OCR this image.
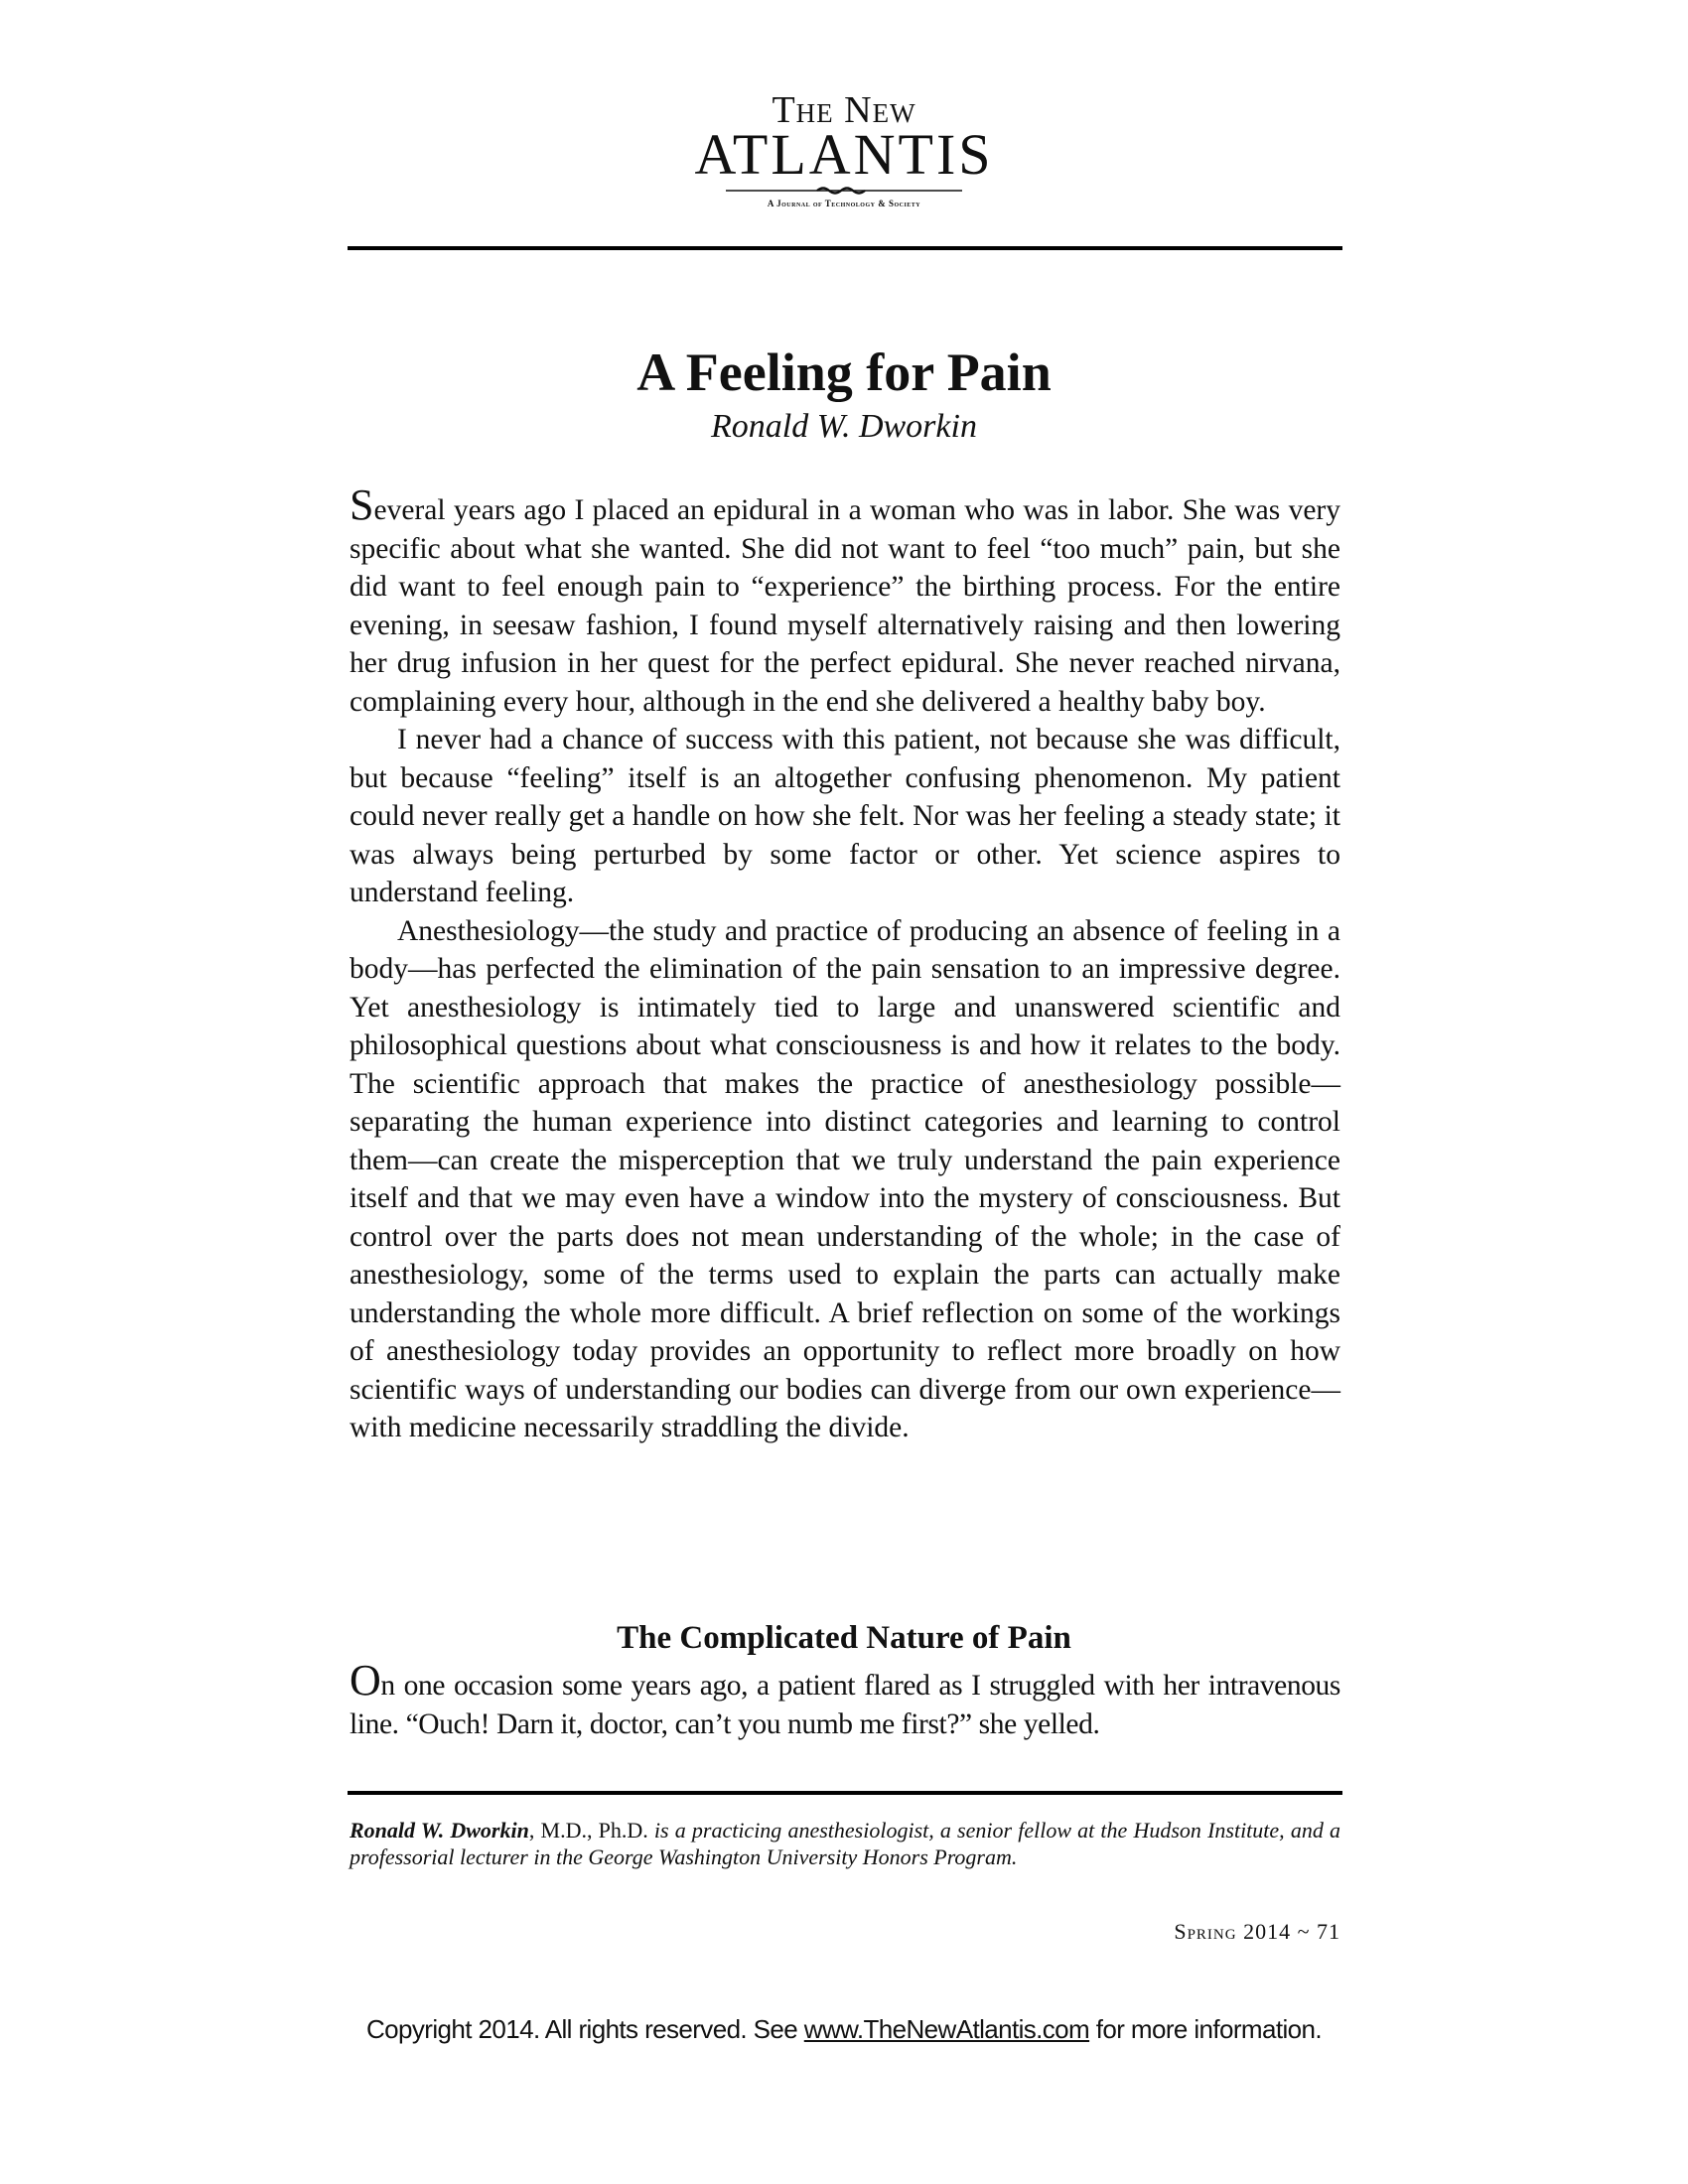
The New
ATLANTIS
A Journal of Technology & Society
A Feeling for Pain
Ronald W. Dworkin

Several years ago I placed an epidural in a woman who was in labor. She was very specific about what she wanted. She did not want to feel “too much” pain, but she did want to feel enough pain to “experience” the birthing process. For the entire evening, in seesaw fashion, I found myself alternatively raising and then lowering her drug infusion in her quest for the perfect epidural. She never reached nirvana, complaining every hour, although in the end she delivered a healthy baby boy.

I never had a chance of success with this patient, not because she was difficult, but because “feeling” itself is an altogether confusing phenomenon. My patient could never really get a handle on how she felt. Nor was her feeling a steady state; it was always being perturbed by some factor or other. Yet science aspires to understand feeling.

Anesthesiology—the study and practice of producing an absence of feeling in a body—has perfected the elimination of the pain sensation to an impressive degree. Yet anesthesiology is intimately tied to large and unanswered scientific and philosophical questions about what consciousness is and how it relates to the body. The scientific approach that makes the practice of anesthesiology possible—separating the human experience into distinct categories and learning to control them—can create the misperception that we truly understand the pain experience itself and that we may even have a window into the mystery of consciousness. But control over the parts does not mean understanding of the whole; in the case of anesthesiology, some of the terms used to explain the parts can actually make understanding the whole more difficult. A brief reflection on some of the workings of anesthesiology today provides an opportunity to reflect more broadly on how scientific ways of understanding our bodies can diverge from our own experience—with medicine necessarily straddling the divide.

The Complicated Nature of Pain

On one occasion some years ago, a patient flared as I struggled with her intravenous line. “Ouch! Darn it, doctor, can’t you numb me first?” she yelled.

Ronald W. Dworkin, M.D., Ph.D. is a practicing anesthesiologist, a senior fellow at the Hudson Institute, and a professorial lecturer in the George Washington University Honors Program.
Spring 2014 ~ 71
Copyright 2014. All rights reserved. See www.TheNewAtlantis.com for more information.
